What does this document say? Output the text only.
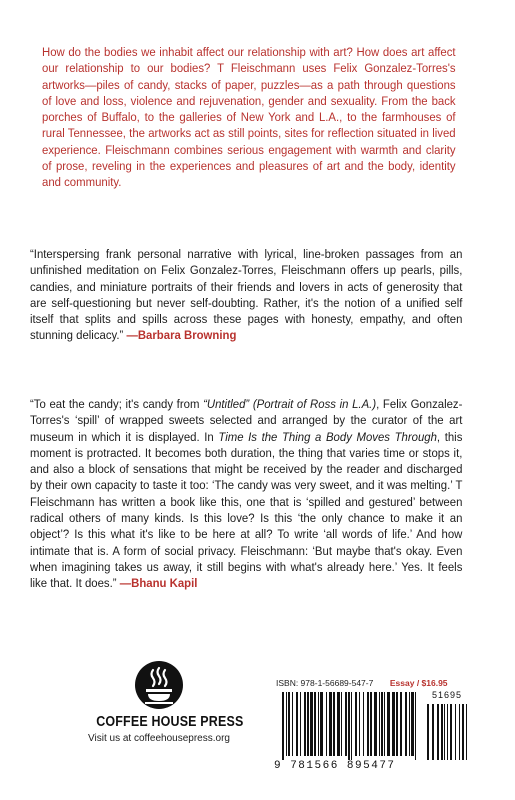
How do the bodies we inhabit affect our relationship with art? How does art affect our relationship to our bodies? T Fleischmann uses Felix Gonzalez-Torres's artworks—piles of candy, stacks of paper, puzzles—as a path through questions of love and loss, violence and rejuvenation, gender and sexuality. From the back porches of Buffalo, to the galleries of New York and L.A., to the farmhouses of rural Tennessee, the artworks act as still points, sites for reflection situated in lived experience. Fleischmann combines serious engagement with warmth and clarity of prose, reveling in the experiences and pleasures of art and the body, identity and community.

“Interspersing frank personal narrative with lyrical, line-broken passages from an unfinished meditation on Felix Gonzalez-Torres, Fleischmann offers up pearls, pills, candies, and miniature portraits of their friends and lovers in acts of generosity that are self-questioning but never self-doubting. Rather, it's the notion of a unified self itself that splits and spills across these pages with honesty, empathy, and often stunning delicacy.” —Barbara Browning

“To eat the candy; it's candy from “Untitled” (Portrait of Ross in L.A.), Felix Gonzalez-Torres's ‘spill’ of wrapped sweets selected and arranged by the curator of the art museum in which it is displayed. In Time Is the Thing a Body Moves Through, this moment is protracted. It becomes both duration, the thing that varies time or stops it, and also a block of sensations that might be received by the reader and discharged by their own capacity to taste it too: ‘The candy was very sweet, and it was melting.’ T Fleischmann has written a book like this, one that is ‘spilled and gestured’ between radical others of many kinds. Is this love? Is this ‘the only chance to make it an object’? Is this what it's like to be here at all? To write ‘all words of life.’ And how intimate that is. A form of social privacy. Fleischmann: ‘But maybe that's okay. Even when imagining takes us away, it still begins with what's already here.’ Yes. It feels like that. It does.” —Bhanu Kapil

COFFEE HOUSE PRESS
Visit us at coffeehousepress.org
ISBN: 978-1-56689-547-7 Essay / $16.95
51695
9 781566 895477
